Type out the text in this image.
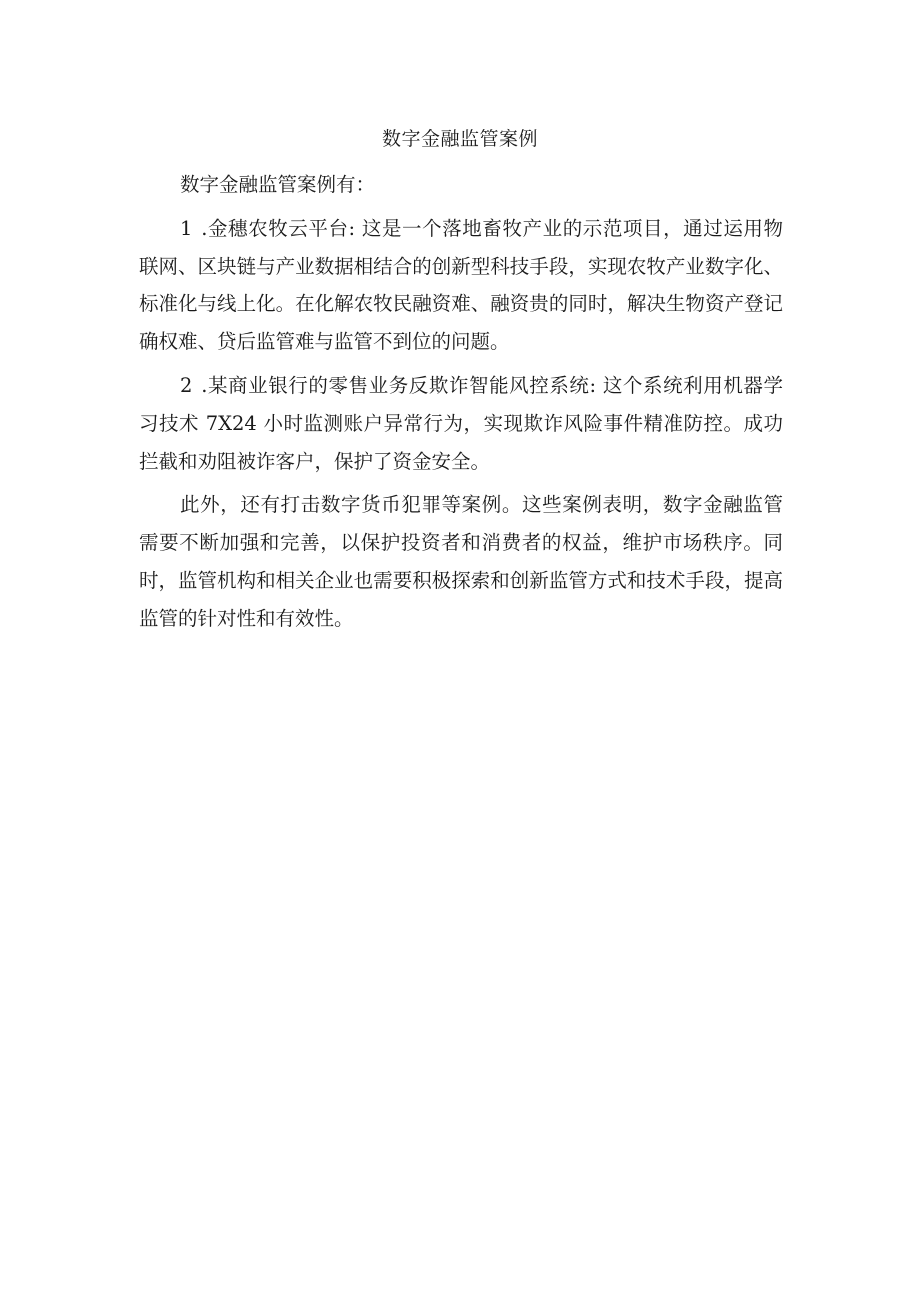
数字金融监管案例

数字金融监管案例有：

1 .金穗农牧云平台: 这是一个落地畜牧产业的示范项目，通过运用物联网、区块链与产业数据相结合的创新型科技手段，实现农牧产业数字化、标准化与线上化。在化解农牧民融资难、融资贵的同时，解决生物资产登记确权难、贷后监管难与监管不到位的问题。

2 .某商业银行的零售业务反欺诈智能风控系统: 这个系统利用机器学习技术 7X24 小时监测账户异常行为，实现欺诈风险事件精准防控。成功拦截和劝阻被诈客户，保护了资金安全。

此外，还有打击数字货币犯罪等案例。这些案例表明，数字金融监管需要不断加强和完善，以保护投资者和消费者的权益，维护市场秩序。同时，监管机构和相关企业也需要积极探索和创新监管方式和技术手段，提高监管的针对性和有效性。
